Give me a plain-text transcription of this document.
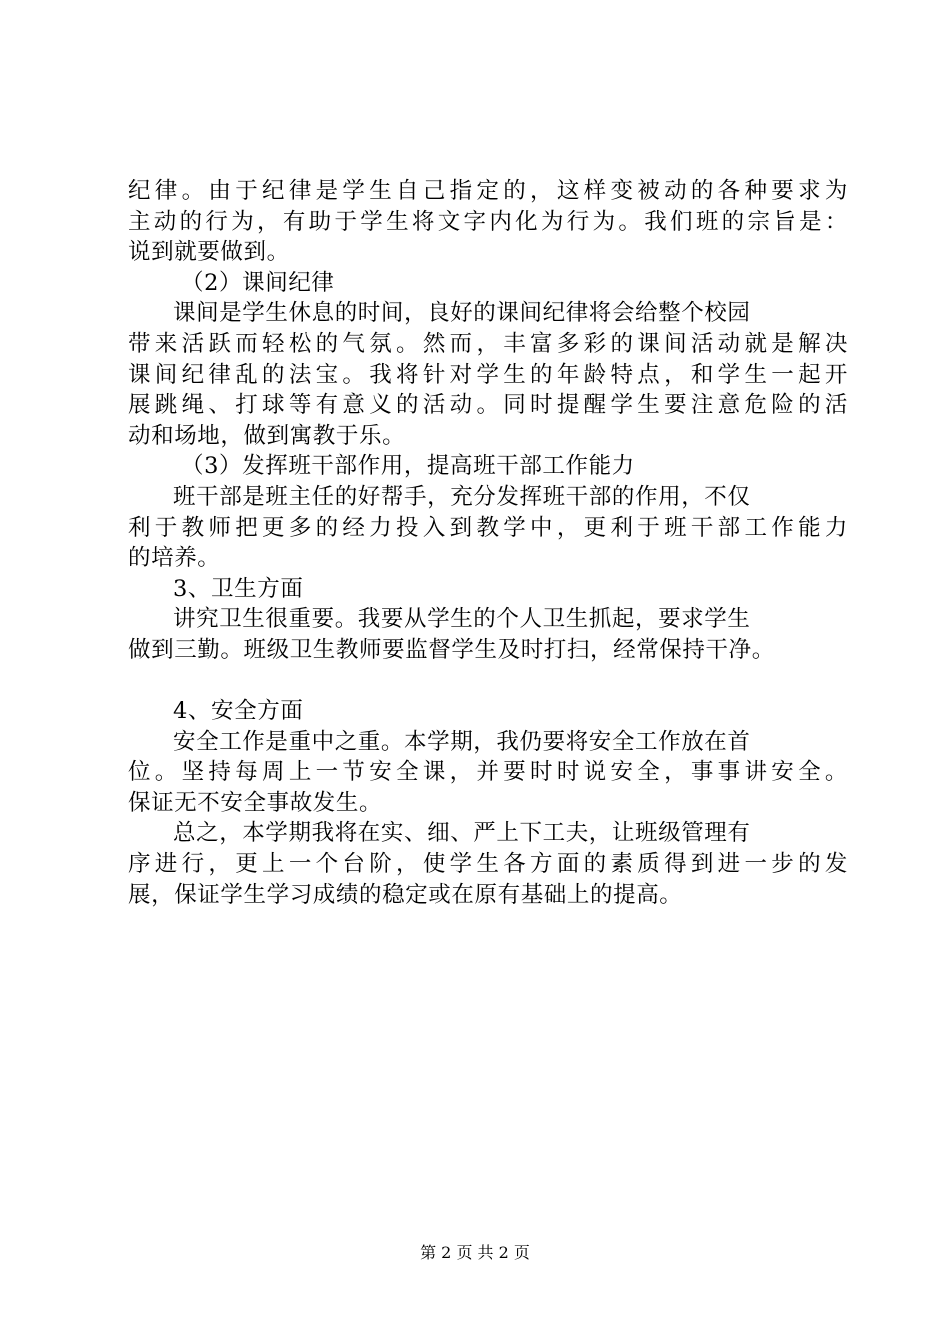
纪律。由于纪律是学生自己指定的，这样变被动的各种要求为
主动的行为，有助于学生将文字内化为行为。我们班的宗旨是：
说到就要做到。
（2）课间纪律
课间是学生休息的时间，良好的课间纪律将会给整个校园
带来活跃而轻松的气氛。然而，丰富多彩的课间活动就是解决
课间纪律乱的法宝。我将针对学生的年龄特点，和学生一起开
展跳绳、打球等有意义的活动。同时提醒学生要注意危险的活
动和场地，做到寓教于乐。
（3）发挥班干部作用，提高班干部工作能力
班干部是班主任的好帮手，充分发挥班干部的作用，不仅
利于教师把更多的经力投入到教学中，更利于班干部工作能力
的培养。
3、卫生方面
讲究卫生很重要。我要从学生的个人卫生抓起，要求学生
做到三勤。班级卫生教师要监督学生及时打扫，经常保持干净。
4、安全方面
安全工作是重中之重。本学期，我仍要将安全工作放在首
位。坚持每周上一节安全课，并要时时说安全，事事讲安全。
保证无不安全事故发生。
总之，本学期我将在实、细、严上下工夫，让班级管理有
序进行，更上一个台阶，使学生各方面的素质得到进一步的发
展，保证学生学习成绩的稳定或在原有基础上的提高。
第 2 页 共 2 页
